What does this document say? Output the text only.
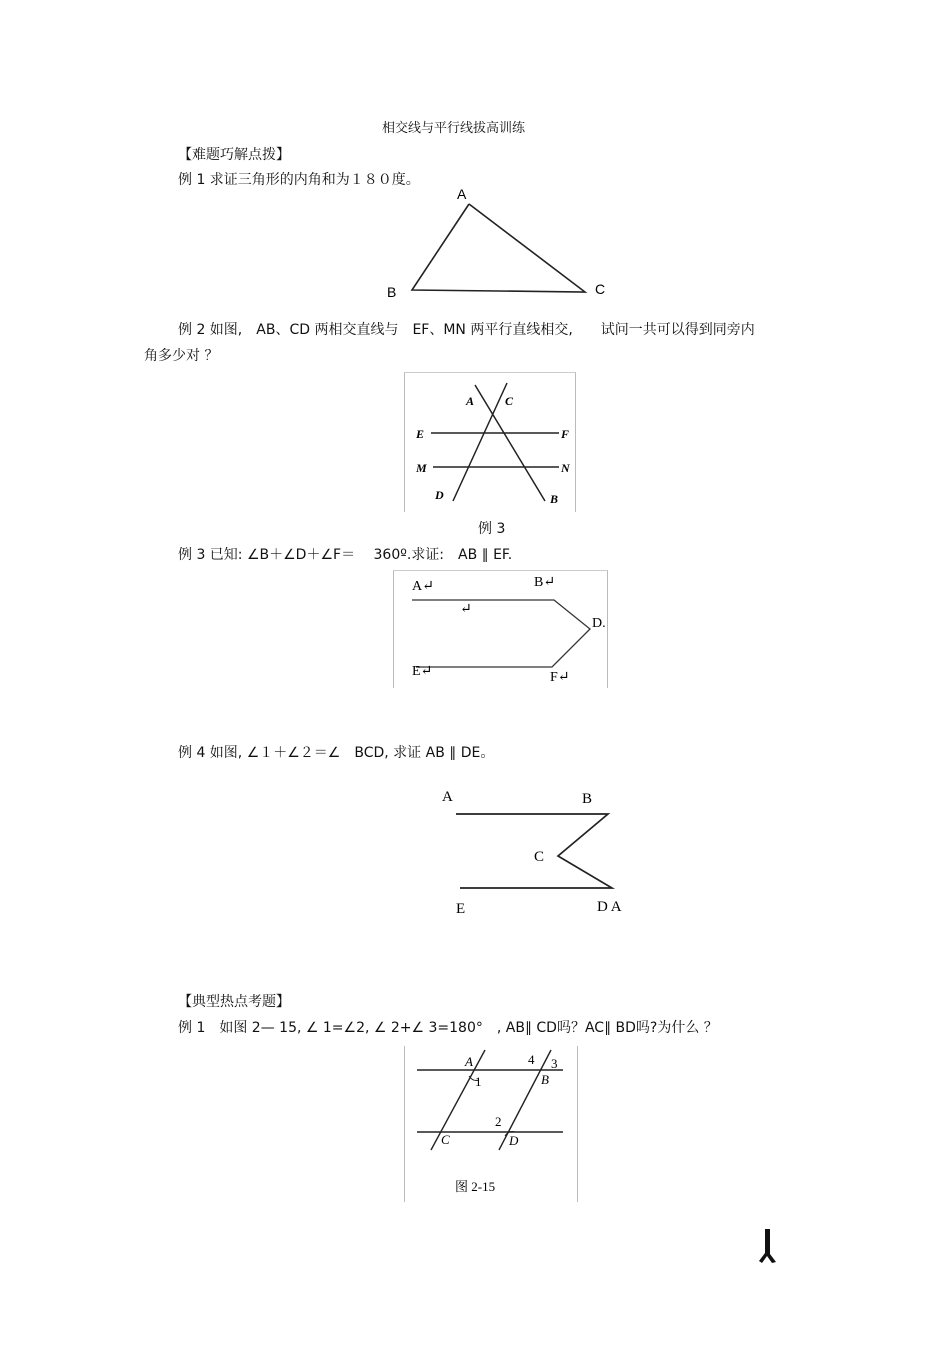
相交线与平行线拔高训练
【难题巧解点拨】
例 1 求证三角形的内角和为１８０度。
A
B	C
例 2 如图,　AB、CD 两相交直线与　EF、MN 两平行直线相交,　　试问一共可以得到同旁内
角多少对 ？
A	C
E	F
M	N
D	B
例 3
例 3 已知: ∠B＋∠D＋∠F＝　 360º.求证:　AB ∥ EF.
A↵	B↵
↵
D.
E↵	F↵
例 4 如图, ∠１＋∠２＝∠　BCD, 求证 AB ∥ DE。
A	B
C
E	D A
【典型热点考题】
例 1　如图 2— 15, ∠ 1=∠2, ∠ 2+∠ 3=180°　, AB∥ CD吗？AC∥ BD吗?为什么 ？
A
B
C	D
1
4 3
2
图 2-15
